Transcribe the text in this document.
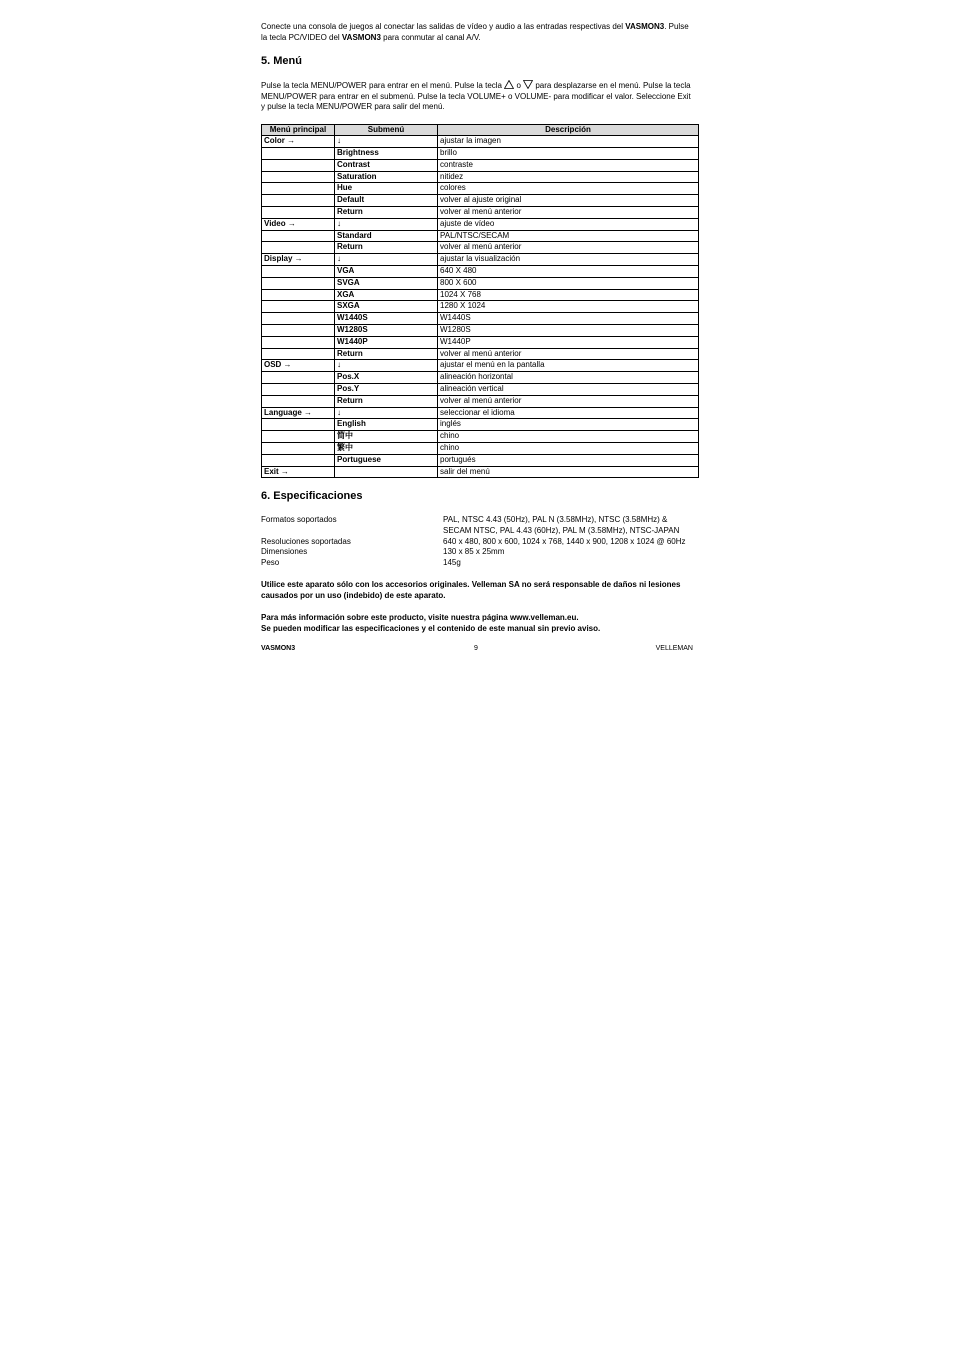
Conecte una consola de juegos al conectar las salidas de vídeo y audio a las entradas respectivas del VASMON3. Pulse la tecla PC/VIDEO del VASMON3 para conmutar al canal A/V.

5. Menú

Pulse la tecla MENU/POWER para entrar en el menú. Pulse la tecla  o  para desplazarse en el menú. Pulse la tecla MENU/POWER para entrar en el submenú. Pulse la tecla VOLUME+ o VOLUME- para modificar el valor. Seleccione Exit y pulse la tecla MENU/POWER para salir del menú.

Menú principal	Submenú	Descripción
Color →	↓	ajustar la imagen
	Brightness	brillo
	Contrast	contraste
	Saturation	nitidez
	Hue	colores
	Default	volver al ajuste original
	Return	volver al menú anterior
Video →	↓	ajuste de vídeo
	Standard	PAL/NTSC/SECAM
	Return	volver al menú anterior
Display →	↓	ajustar la visualización
	VGA	640 X 480
	SVGA	800 X 600
	XGA	1024 X 768
	SXGA	1280 X 1024
	W1440S	W1440S
	W1280S	W1280S
	W1440P	W1440P
	Return	volver al menú anterior
OSD →	↓	ajustar el menú en la pantalla
	Pos.X	alineación horizontal
	Pos.Y	alineación vertical
	Return	volver al menú anterior
Language →	↓	seleccionar el idioma
	English	inglés
	简中	chino
	繁中	chino
	Portuguese	portugués
Exit →		salir del menú
6. Especificaciones
Formatos soportados	PAL, NTSC 4.43 (50Hz), PAL N (3.58MHz), NTSC (3.58MHz) & SECAM NTSC, PAL 4.43 (60Hz), PAL M (3.58MHz), NTSC-JAPAN
Resoluciones soportadas	640 x 480, 800 x 600, 1024 x 768, 1440 x 900, 1208 x 1024 @ 60Hz
Dimensiones	130 x 85 x 25mm
Peso	145g

Utilice este aparato sólo con los accesorios originales. Velleman SA no será responsable de daños ni lesiones causados por un uso (indebido) de este aparato.

Para más información sobre este producto, visite nuestra página www.velleman.eu.

Se pueden modificar las especificaciones y el contenido de este manual sin previo aviso.

VASMON3	9	VELLEMAN
